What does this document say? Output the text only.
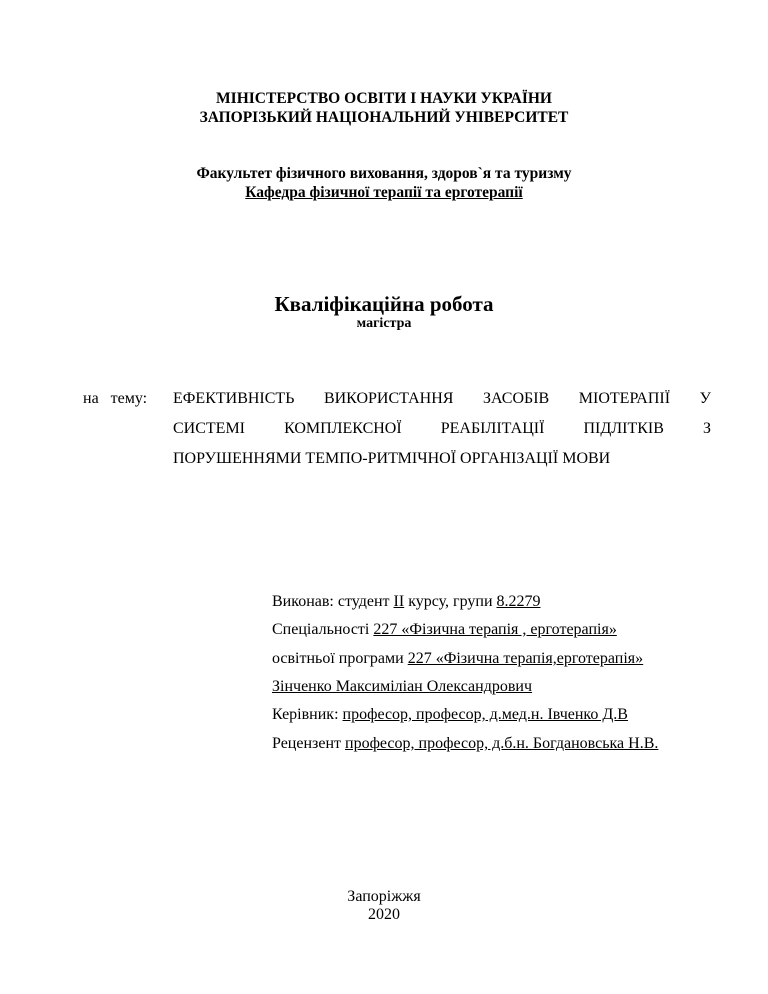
МІНІСТЕРСТВО ОСВІТИ І НАУКИ УКРАЇНИ
ЗАПОРІЗЬКИЙ НАЦІОНАЛЬНИЙ УНІВЕРСИТЕТ
Факультет фізичного виховання, здоров`я та туризму
Кафедра фізичної терапії та ерготерапії
Кваліфікаційна робота
магістра
на тему: ЕФЕКТИВНІСТЬ ВИКОРИСТАННЯ ЗАСОБІВ МІОТЕРАПІЇ У
СИСТЕМІ КОМПЛЕКСНОЇ РЕАБІЛІТАЦІЇ ПІДЛІТКІВ З
ПОРУШЕННЯМИ ТЕМПО-РИТМІЧНОЇ ОРГАНІЗАЦІЇ МОВИ
Виконав: студент ІІ курсу, групи 8.2279
Спеціальності 227 «Фізична терапія , ерготерапія»
освітньої програми 227 «Фізична терапія,ерготерапія»
Зінченко Максиміліан Олександрович
Керівник: професор, професор, д.мед.н. Івченко Д.В
Рецензент професор, професор, д.б.н. Богдановська Н.В.
Запоріжжя
2020
